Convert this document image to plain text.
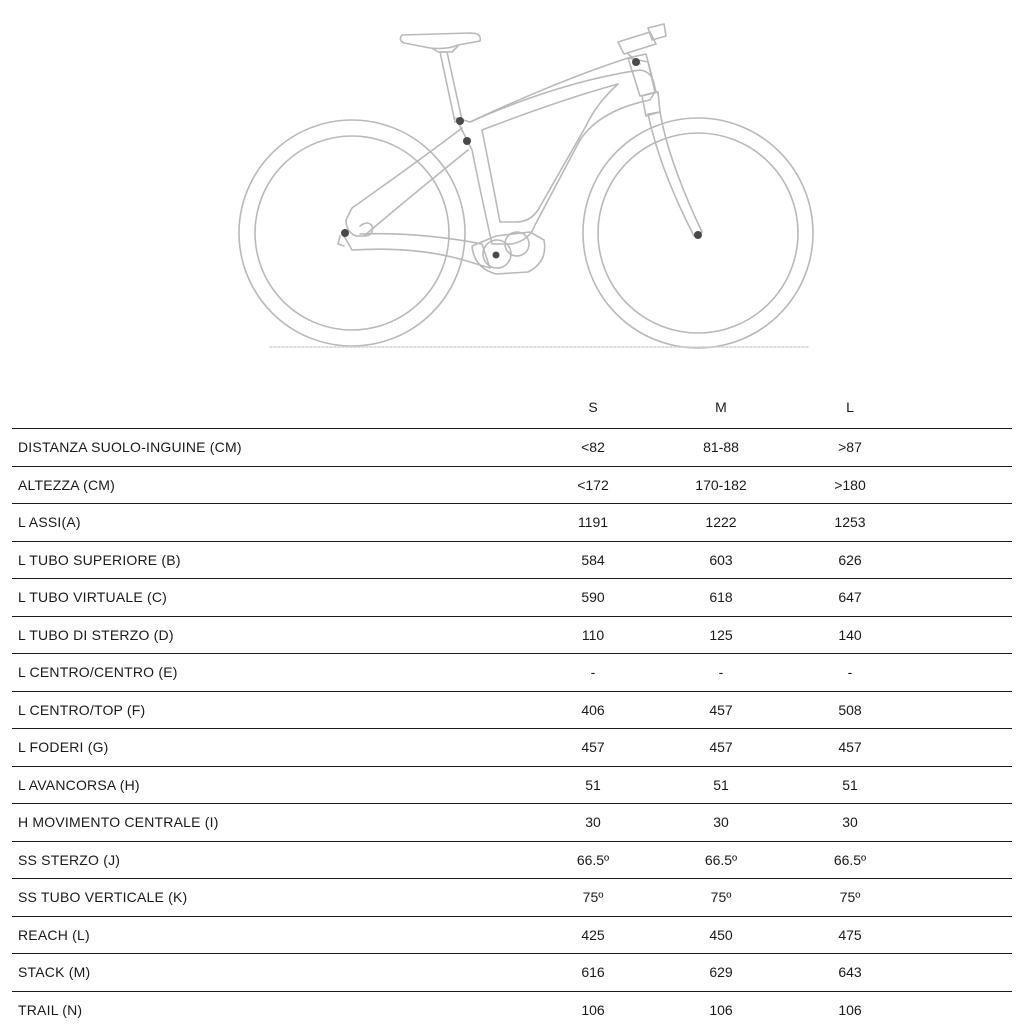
S	M	L
DISTANZA SUOLO-INGUINE (CM)	<82	81-88	>87
ALTEZZA (CM)	<172	170-182	>180
L ASSI(A)	1191	1222	1253
L TUBO SUPERIORE (B)	584	603	626
L TUBO VIRTUALE (C)	590	618	647
L TUBO DI STERZO (D)	110	125	140
L CENTRO/CENTRO (E)	-	-	-
L CENTRO/TOP (F)	406	457	508
L FODERI (G)	457	457	457
L AVANCORSA (H)	51	51	51
H MOVIMENTO CENTRALE (I)	30	30	30
SS STERZO (J)	66.5º	66.5º	66.5º
SS TUBO VERTICALE (K)	75º	75º	75º
REACH (L)	425	450	475
STACK (M)	616	629	643
TRAIL (N)	106	106	106
